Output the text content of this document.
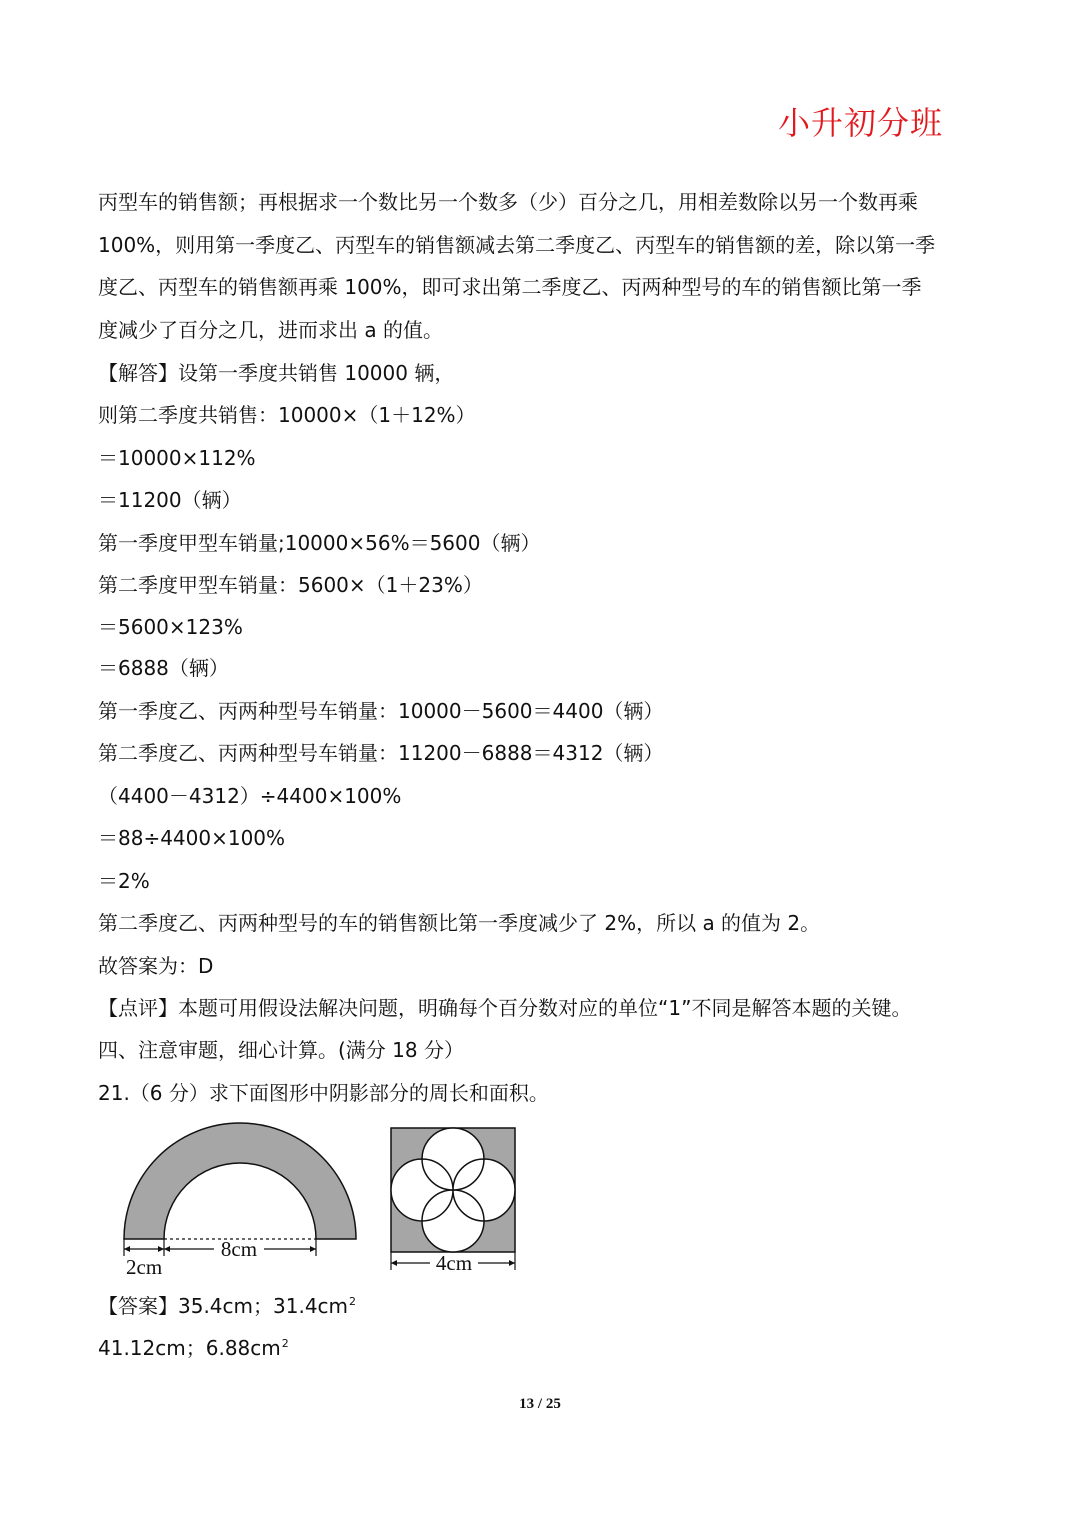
小升初分班
丙型车的销售额；再根据求一个数比另一个数多（少）百分之几，用相差数除以另一个数再乘
100%，则用第一季度乙、丙型车的销售额减去第二季度乙、丙型车的销售额的差，除以第一季
度乙、丙型车的销售额再乘 100%，即可求出第二季度乙、丙两种型号的车的销售额比第一季
度减少了百分之几，进而求出 a 的值。
【解答】设第一季度共销售 10000 辆，
则第二季度共销售：10000×（1＋12%）
＝10000×112%
＝11200（辆）
第一季度甲型车销量;10000×56%＝5600（辆）
第二季度甲型车销量：5600×（1＋23%）
＝5600×123%
＝6888（辆）
第一季度乙、丙两种型号车销量：10000－5600＝4400（辆）
第二季度乙、丙两种型号车销量：11200－6888＝4312（辆）
（4400－4312）÷4400×100%
＝88÷4400×100%
＝2%
第二季度乙、丙两种型号的车的销售额比第一季度减少了 2%，所以 a 的值为 2。
故答案为：D
【点评】本题可用假设法解决问题，明确每个百分数对应的单位“1”不同是解答本题的关键。
四、注意审题，细心计算。(满分 18 分）
21.（6 分）求下面图形中阴影部分的周长和面积。
8cm
2cm	4cm
【答案】35.4cm；$31.4cm^2$
41.12cm；$6.88cm^2$
13 / 25
